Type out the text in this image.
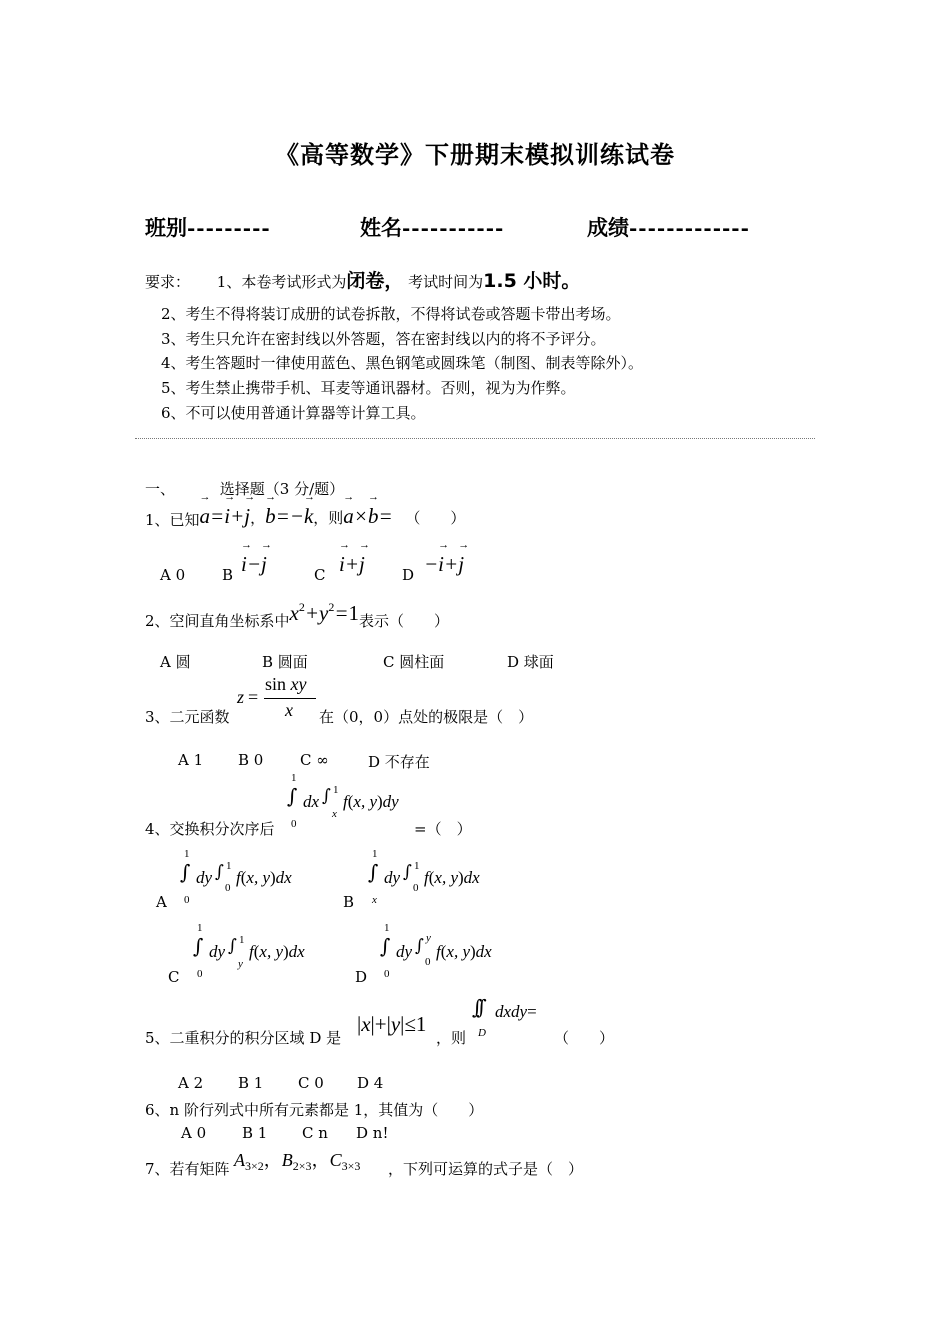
《高等数学》下册期末模拟训练试卷
班别---------	姓名-----------	成绩-------------
要求： 1、本卷考试形式为闭卷， 考试时间为1.5 小时。
2、考生不得将装订成册的试卷拆散，不得将试卷或答题卡带出考场。
3、考生只允许在密封线以外答题，答在密封线以内的将不予评分。
4、考生答题时一律使用蓝色、黑色钢笔或圆珠笔（制图、制表等除外）。
5、考生禁止携带手机、耳麦等通讯器材。否则，视为为作弊。
6、不可以使用普通计算器等计算工具。
一、	选择题（3 分/题）
1、已知→ a=→ i+→ j，→ b=−→ k，则→ a×→ b= （　　）
A 0 B → i−→ j	C → i+→ j D −→ i+→ j
2、空间直角坐标系中$x^2+y^2=1$表示（　　）
A 圆	B 圆面	C 圆柱面	D 球面
3、二元函数
z =
sin xy
x 在（0，0）点处的极限是（　）
A 1 B 0 C ∞	D 不存在
4、交换积分次序后
1
∫
0
dx ∫ 1
x
f(x, y)dy
=（　）
A
1
∫
0
dy ∫ 1
0
f(x, y)dx
B
1
∫
x
dy ∫ 1
0
f(x, y)dx
C
1
∫
0
dy ∫ 1
y
f(x, y)dx
D
1
∫
0
dy ∫ y
0
f(x, y)dx
5、二重积分的积分区域 D 是
|x|+|y|≤1
，则
∫∫
D
dxdy=
（　　）
A 2 B 1 C 0 D 4
6、n 阶行列式中所有元素都是 1，其值为（　　）
A 0 B 1 C n D n!
7、若有矩阵 $A_{3\times 2}$，$B_{2\times 3}$，$C_{3\times 3}$ ，下列可运算的式子是（　）
